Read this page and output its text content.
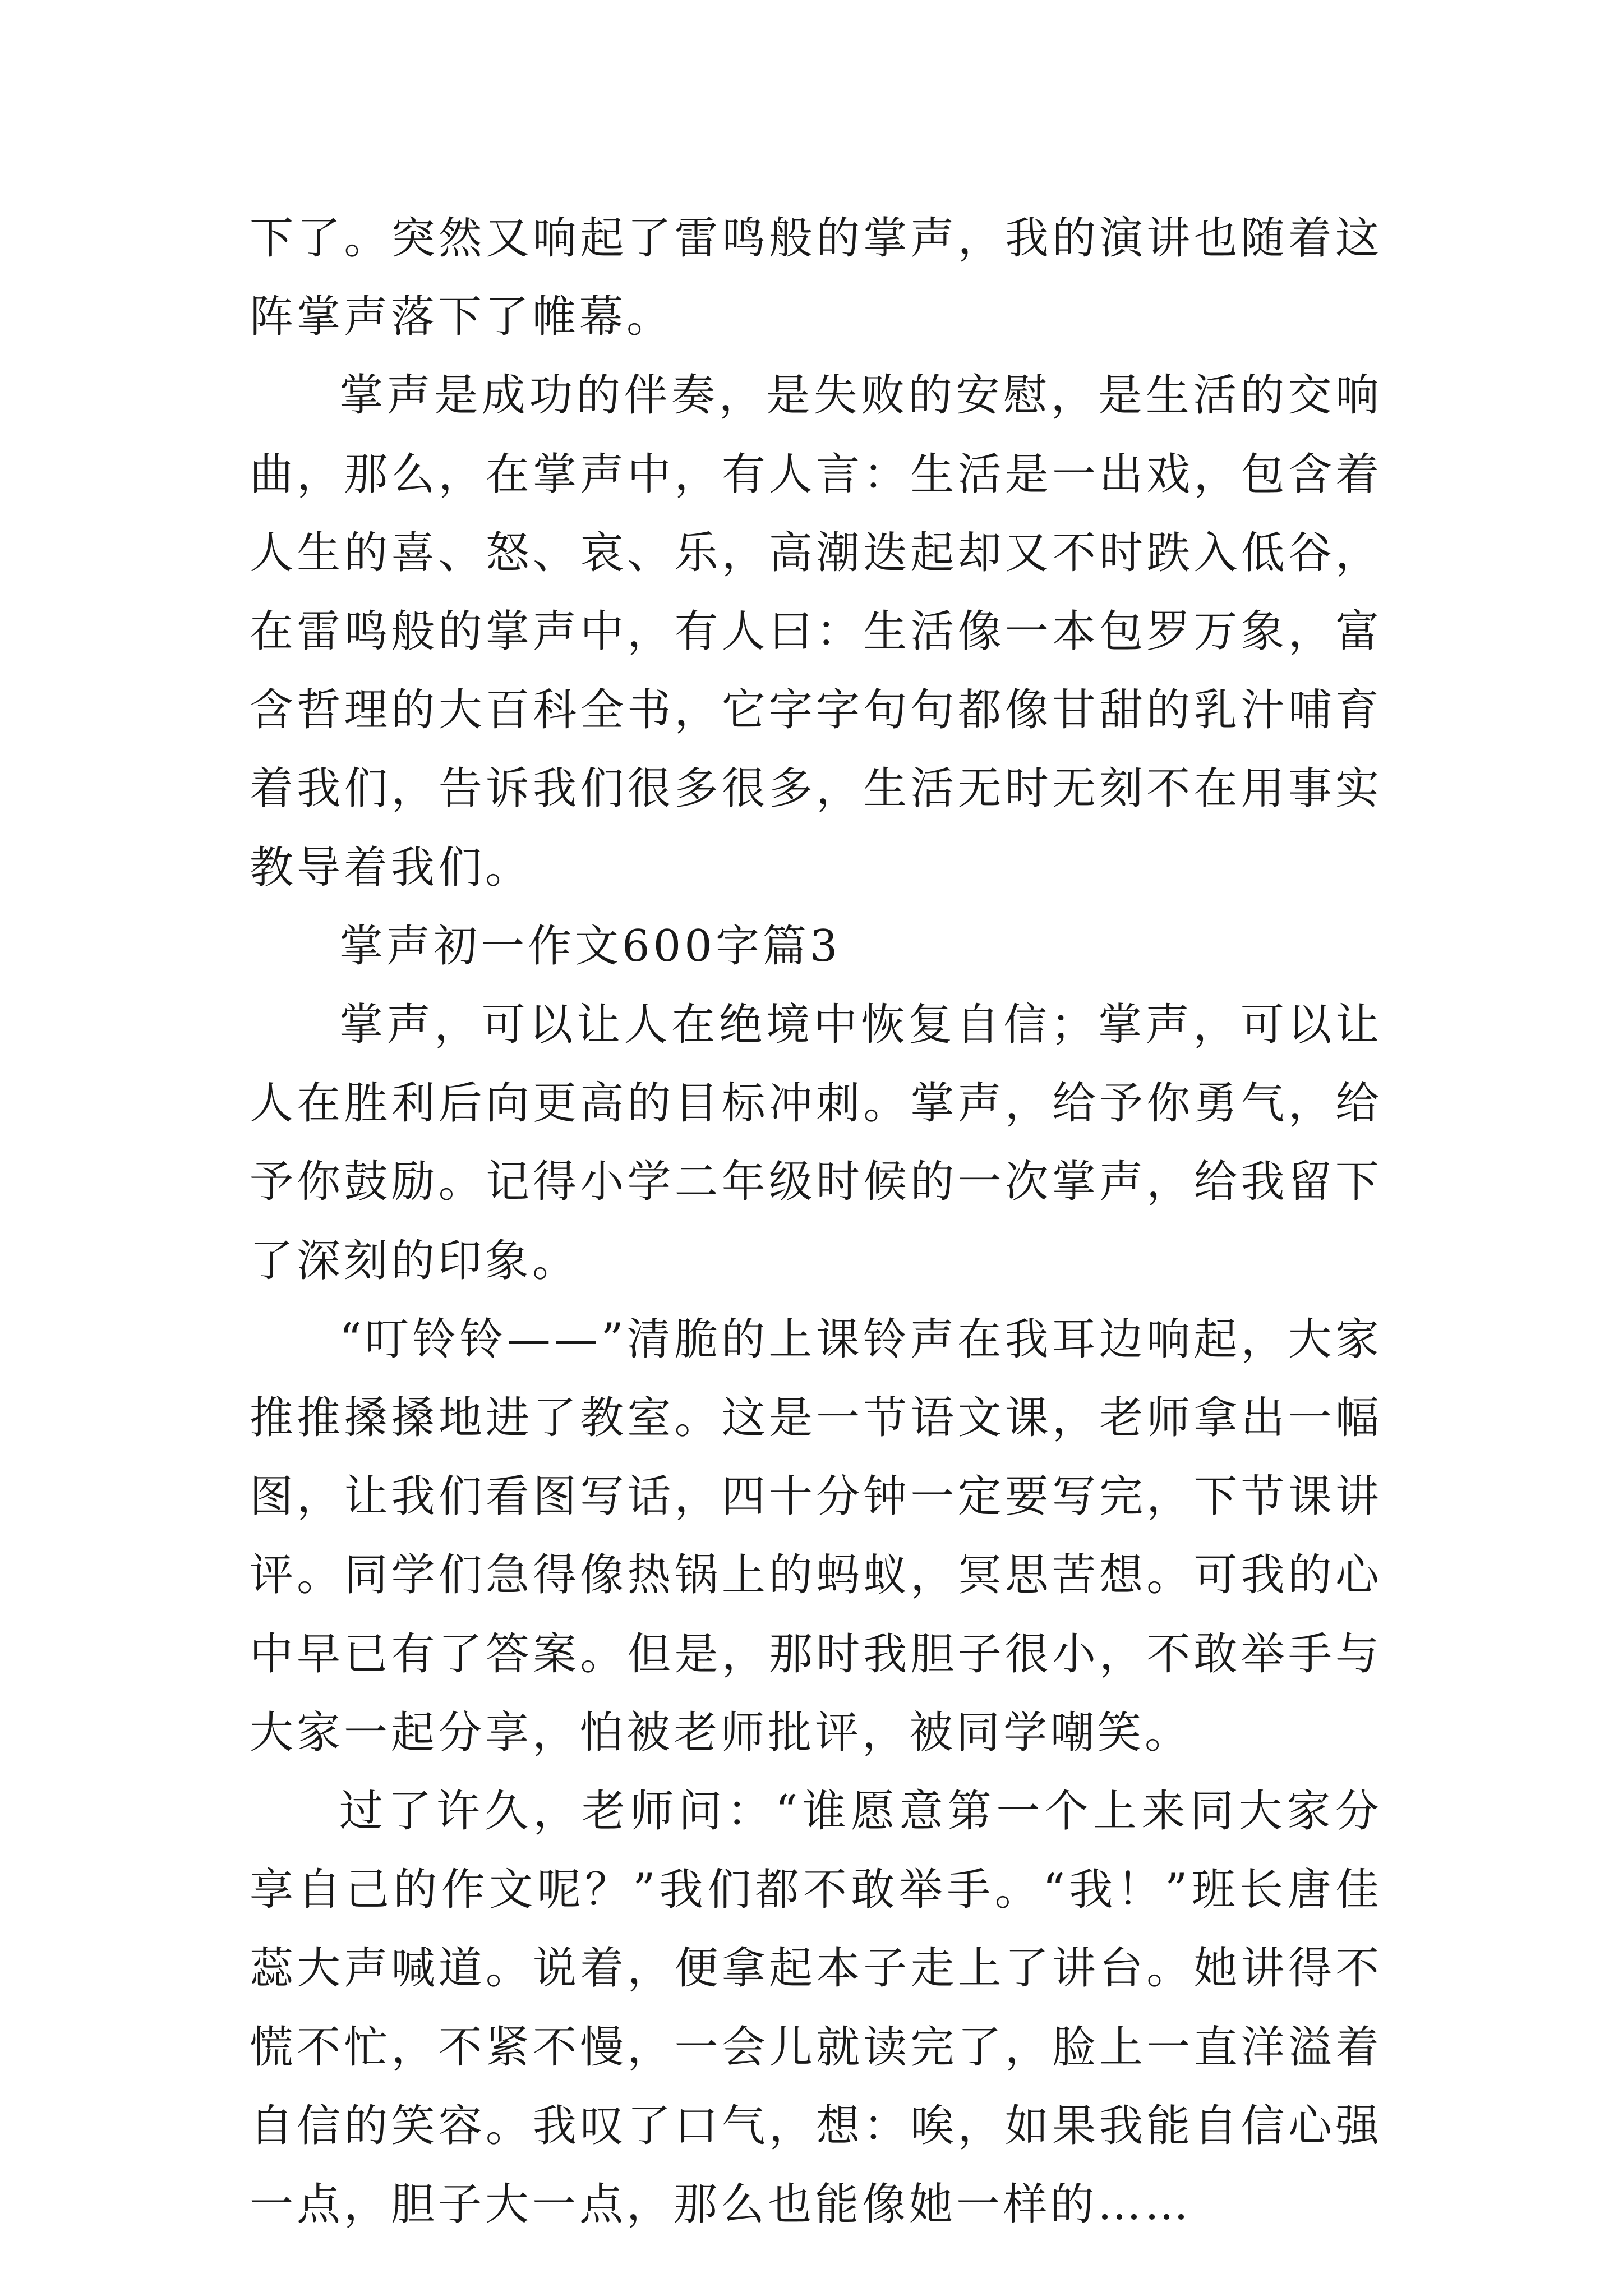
下了。突然又响起了雷鸣般的掌声，我的演讲也随着这阵掌声落下了帷幕。

掌声是成功的伴奏，是失败的安慰，是生活的交响曲，那么，在掌声中，有人言：生活是一出戏，包含着人生的喜、怒、哀、乐，高潮迭起却又不时跌入低谷，在雷鸣般的掌声中，有人曰：生活像一本包罗万象，富含哲理的大百科全书，它字字句句都像甘甜的乳汁哺育着我们，告诉我们很多很多，生活无时无刻不在用事实教导着我们。

掌声初一作文600字篇3

掌声，可以让人在绝境中恢复自信；掌声，可以让人在胜利后向更高的目标冲刺。掌声，给予你勇气，给予你鼓励。记得小学二年级时候的一次掌声，给我留下了深刻的印象。

“叮铃铃——”清脆的上课铃声在我耳边响起，大家推推搡搡地进了教室。这是一节语文课，老师拿出一幅图，让我们看图写话，四十分钟一定要写完，下节课讲评。同学们急得像热锅上的蚂蚁，冥思苦想。可我的心中早已有了答案。但是，那时我胆子很小，不敢举手与大家一起分享，怕被老师批评，被同学嘲笑。

过了许久，老师问：“谁愿意第一个上来同大家分享自己的作文呢？”我们都不敢举手。“我！”班长唐佳蕊大声喊道。说着，便拿起本子走上了讲台。她讲得不慌不忙，不紧不慢，一会儿就读完了，脸上一直洋溢着自信的笑容。我叹了口气，想：唉，如果我能自信心强一点，胆子大一点，那么也能像她一样的……
